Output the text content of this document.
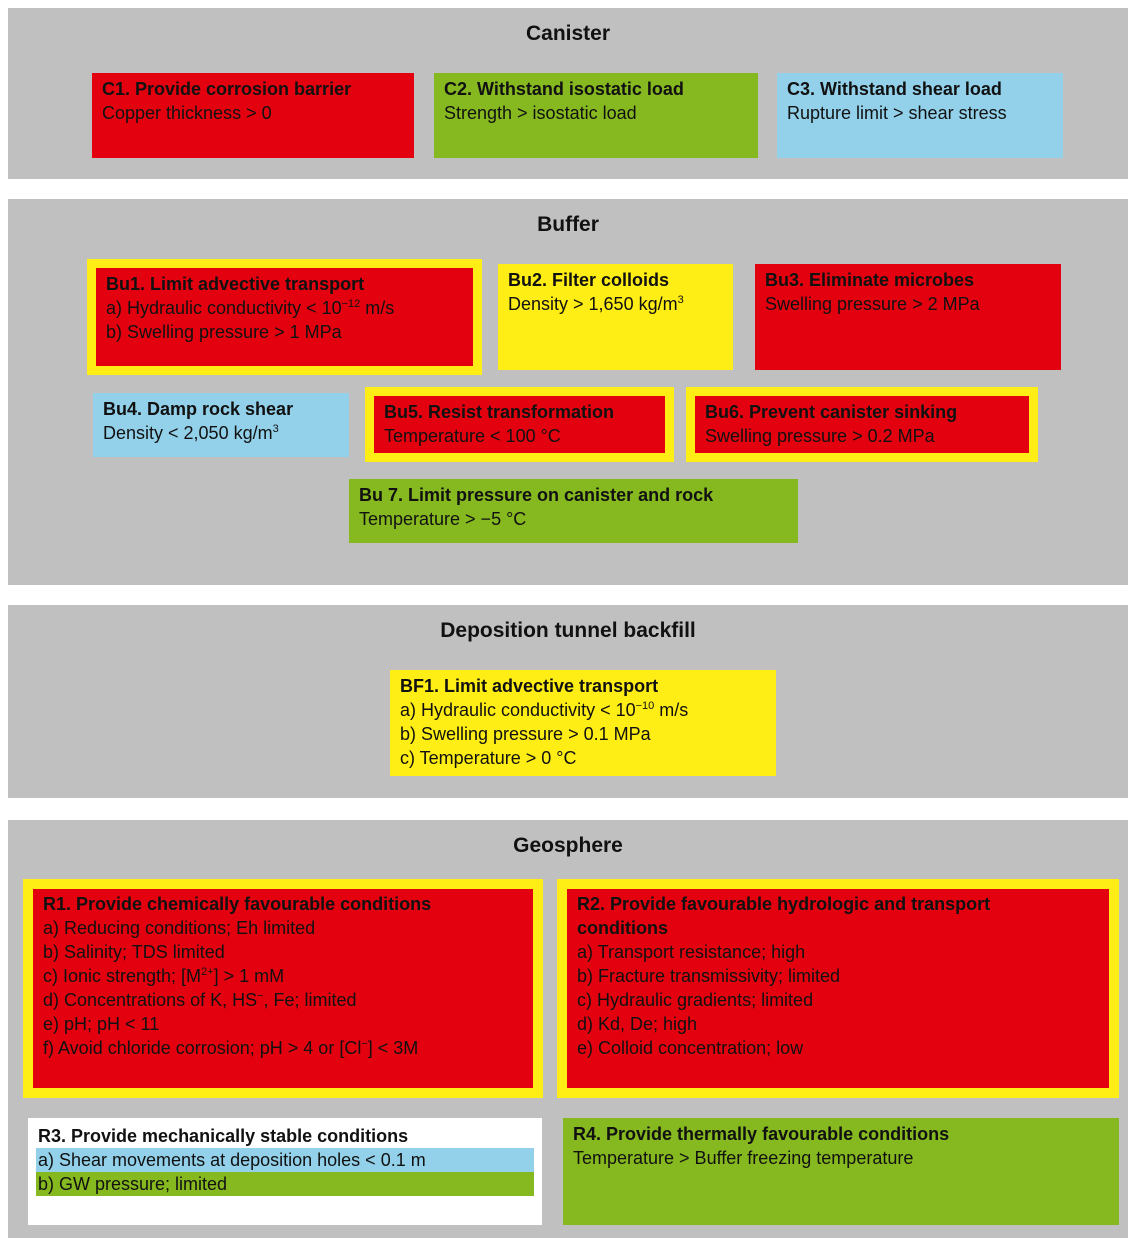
Canister
C1. Provide corrosion barrier
Copper thickness > 0
C2. Withstand isostatic load
Strength > isostatic load
C3. Withstand shear load
Rupture limit > shear stress
Buffer
Bu1. Limit advective transport
a) Hydraulic conductivity < $10^{-12}$ m/s
b) Swelling pressure > 1 MPa
Bu2. Filter colloids
Density > 1,650 $kg/m^3$
Bu3. Eliminate microbes
Swelling pressure > 2 MPa
Bu4. Damp rock shear
Density < 2,050 $kg/m^3$
Bu5. Resist transformation
Temperature < 100 °C
Bu6. Prevent canister sinking
Swelling pressure > 0.2 MPa
Bu 7. Limit pressure on canister and rock
Temperature > −5 °C
Deposition tunnel backfill
BF1. Limit advective transport
a) Hydraulic conductivity < $10^{-10}$ m/s
b) Swelling pressure > 0.1 MPa
c) Temperature > 0 °C
Geosphere
R1. Provide chemically favourable conditions
a) Reducing conditions; Eh limited
b) Salinity; TDS limited
c) Ionic strength; $[M^{2+}] > 1$ mM
d) Concentrations of K, HS−, Fe; limited
e) pH; pH < 11
f) Avoid chloride corrosion; pH > 4 or [Cl−] < 3M
R2. Provide favourable hydrologic and transport conditions
a) Transport resistance; high
b) Fracture transmissivity; limited
c) Hydraulic gradients; limited
d) Kd, De; high
e) Colloid concentration; low
R3. Provide mechanically stable conditions
a) Shear movements at deposition holes < 0.1 m
b) GW pressure; limited
R4. Provide thermally favourable conditions
Temperature > Buffer freezing temperature
